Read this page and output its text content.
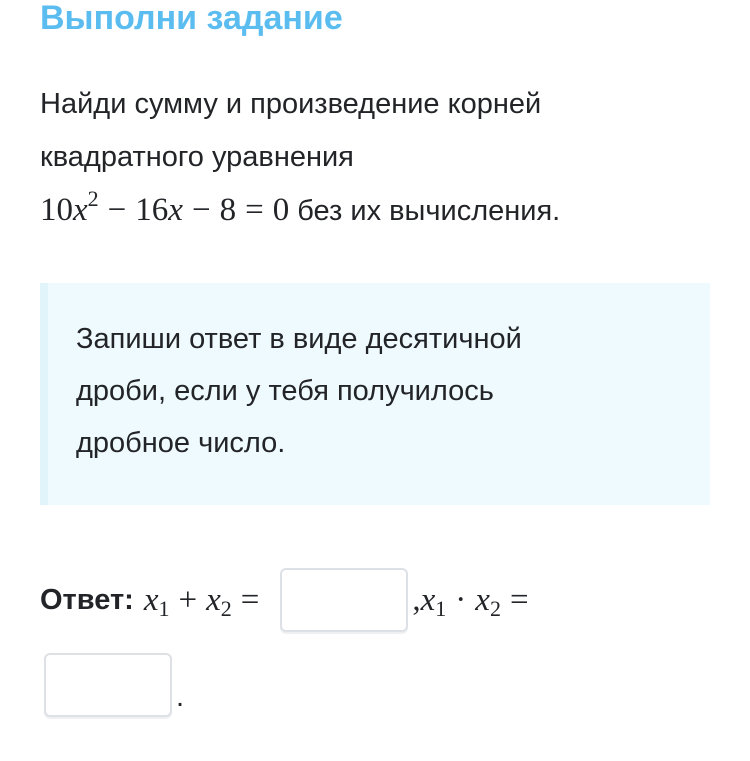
Выполни задание
Найди сумму и произведение корней
квадратного уравнения
$10x^2 - 16x - 8 = 0$ без их вычисления.
Запиши ответ в виде десятичной
дроби, если у тебя получилось
дробное число.
Ответ: $x_1 + x_2$ =	$,x_1 \cdot x_2$ =
.
